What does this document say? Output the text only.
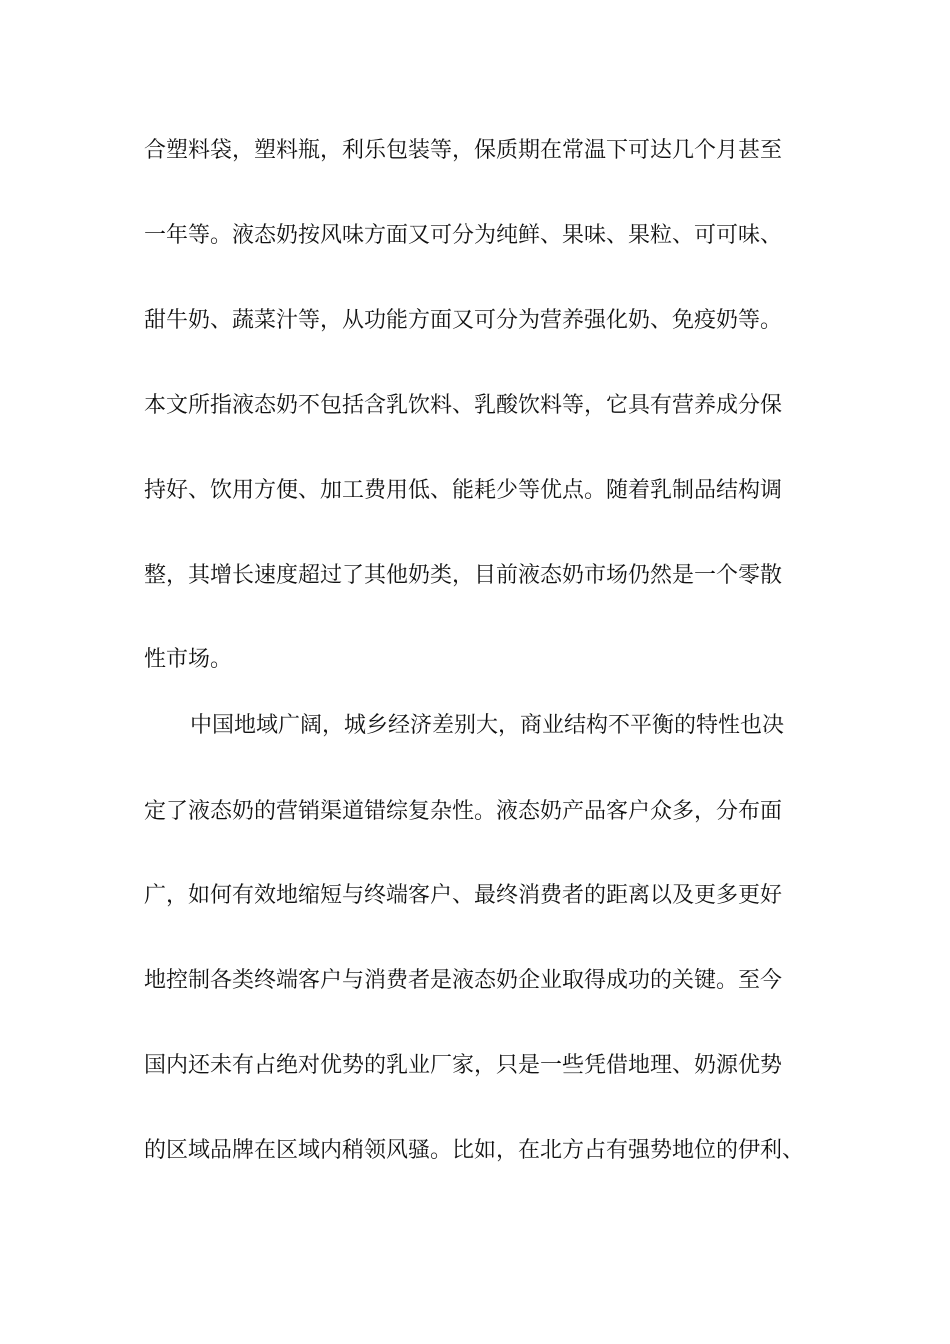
合塑料袋，塑料瓶，利乐包装等，保质期在常温下可达几个月甚至
一年等。液态奶按风味方面又可分为纯鲜、果味、果粒、可可味、
甜牛奶、蔬菜汁等，从功能方面又可分为营养强化奶、免疫奶等。
本文所指液态奶不包括含乳饮料、乳酸饮料等，它具有营养成分保
持好、饮用方便、加工费用低、能耗少等优点。随着乳制品结构调
整，其增长速度超过了其他奶类，目前液态奶市场仍然是一个零散
性市场。
中国地域广阔，城乡经济差别大，商业结构不平衡的特性也决
定了液态奶的营销渠道错综复杂性。液态奶产品客户众多，分布面
广，如何有效地缩短与终端客户、最终消费者的距离以及更多更好
地控制各类终端客户与消费者是液态奶企业取得成功的关键。至今
国内还未有占绝对优势的乳业厂家，只是一些凭借地理、奶源优势
的区域品牌在区域内稍领风骚。比如，在北方占有强势地位的伊利、
